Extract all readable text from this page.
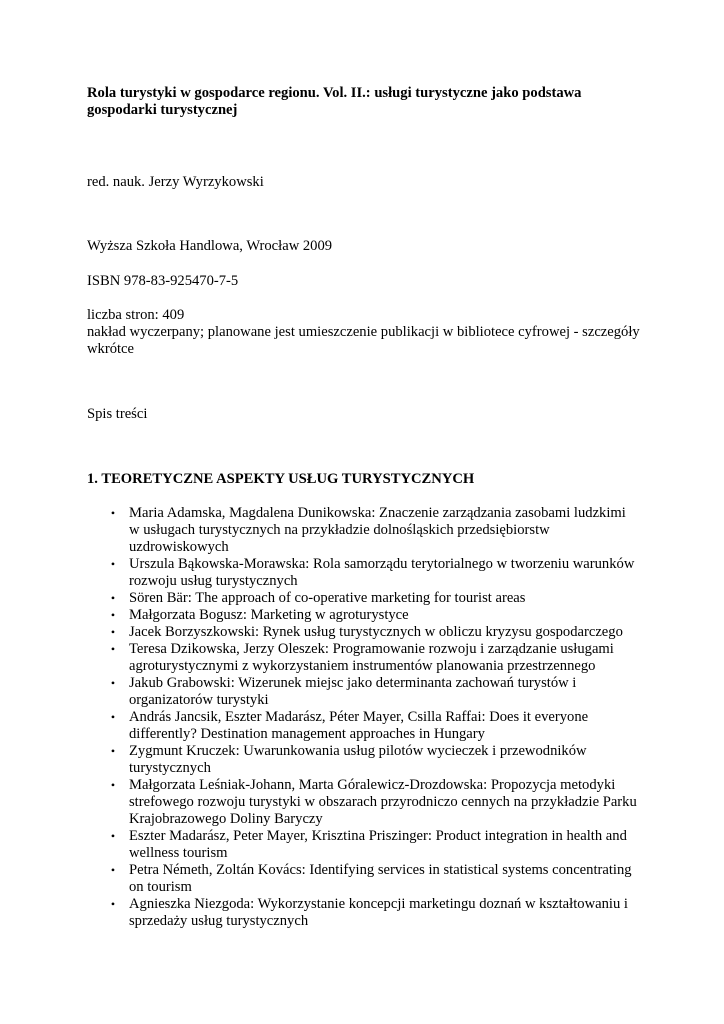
Rola turystyki w gospodarce regionu. Vol. II.: usługi turystyczne jako podstawa gospodarki turystycznej

red. nauk. Jerzy Wyrzykowski

Wyższa Szkoła Handlowa, Wrocław 2009

ISBN 978-83-925470-7-5

liczba stron: 409
nakład wyczerpany; planowane jest umieszczenie publikacji w bibliotece cyfrowej - szczegóły wkrótce

Spis treści

1. TEORETYCZNE ASPEKTY USŁUG TURYSTYCZNYCH

• Maria Adamska, Magdalena Dunikowska: Znaczenie zarządzania zasobami ludzkimi w usługach turystycznych na przykładzie dolnośląskich przedsiębiorstw uzdrowiskowych
• Urszula Bąkowska-Morawska: Rola samorządu terytorialnego w tworzeniu warunków rozwoju usług turystycznych
• Sören Bär: The approach of co-operative marketing for tourist areas
• Małgorzata Bogusz: Marketing w agroturystyce
• Jacek Borzyszkowski: Rynek usług turystycznych w obliczu kryzysu gospodarczego
• Teresa Dzikowska, Jerzy Oleszek: Programowanie rozwoju i zarządzanie usługami agroturystycznymi z wykorzystaniem instrumentów planowania przestrzennego
• Jakub Grabowski: Wizerunek miejsc jako determinanta zachowań turystów i organizatorów turystyki
• András Jancsik, Eszter Madarász, Péter Mayer, Csilla Raffai: Does it everyone differently? Destination management approaches in Hungary
• Zygmunt Kruczek: Uwarunkowania usług pilotów wycieczek i przewodników turystycznych
• Małgorzata Leśniak-Johann, Marta Góralewicz-Drozdowska: Propozycja metodyki strefowego rozwoju turystyki w obszarach przyrodniczo cennych na przykładzie Parku Krajobrazowego Doliny Baryczy
• Eszter Madarász, Peter Mayer, Krisztina Priszinger: Product integration in health and wellness tourism
• Petra Németh, Zoltán Kovács: Identifying services in statistical systems concentrating on tourism
• Agnieszka Niezgoda: Wykorzystanie koncepcji marketingu doznań w kształtowaniu i sprzedaży usług turystycznych
